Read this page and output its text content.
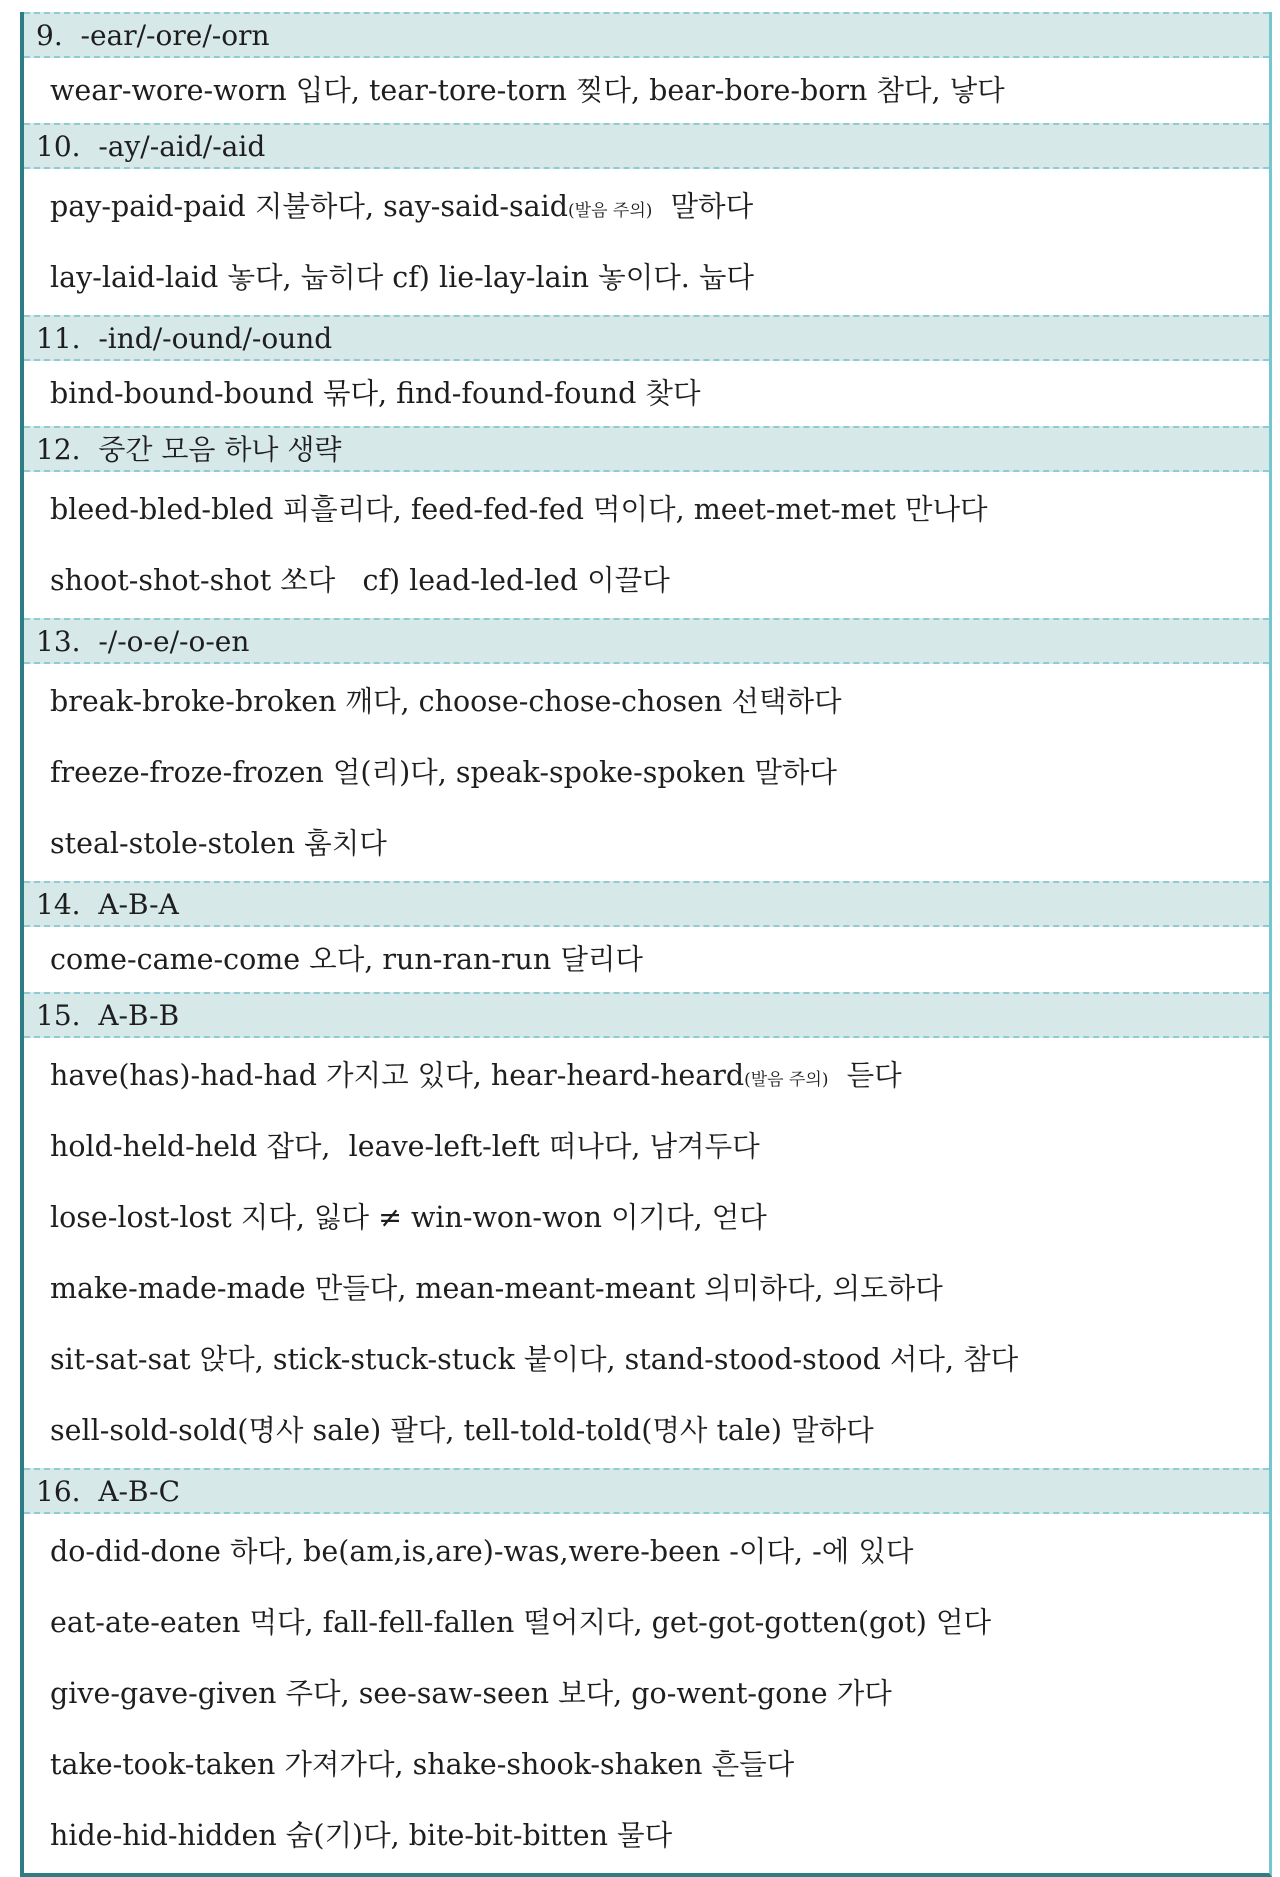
9.  -ear/-ore/-orn
wear-wore-worn 입다, tear-tore-torn 찢다, bear-bore-born 참다, 낳다
10.  -ay/-aid/-aid
pay-paid-paid 지불하다, say-said-said(발음 주의)  말하다
lay-laid-laid 놓다, 눕히다 cf) lie-lay-lain 놓이다. 눕다
11.  -ind/-ound/-ound
bind-bound-bound 묶다, find-found-found 찾다
12.  중간 모음 하나 생략
bleed-bled-bled 피흘리다, feed-fed-fed 먹이다, meet-met-met 만나다
shoot-shot-shot 쏘다   cf) lead-led-led 이끌다
13.  -/-o-e/-o-en
break-broke-broken 깨다, choose-chose-chosen 선택하다
freeze-froze-frozen 얼(리)다, speak-spoke-spoken 말하다
steal-stole-stolen 훔치다
14.  A-B-A
come-came-come 오다, run-ran-run 달리다
15.  A-B-B
have(has)-had-had 가지고 있다, hear-heard-heard(발음 주의)  듣다
hold-held-held 잡다,  leave-left-left 떠나다, 남겨두다
lose-lost-lost 지다, 잃다 ≠ win-won-won 이기다, 얻다
make-made-made 만들다, mean-meant-meant 의미하다, 의도하다
sit-sat-sat 앉다, stick-stuck-stuck 붙이다, stand-stood-stood 서다, 참다
sell-sold-sold(명사 sale) 팔다, tell-told-told(명사 tale) 말하다
16.  A-B-C
do-did-done 하다, be(am,is,are)-was,were-been -이다, -에 있다
eat-ate-eaten 먹다, fall-fell-fallen 떨어지다, get-got-gotten(got) 얻다
give-gave-given 주다, see-saw-seen 보다, go-went-gone 가다
take-took-taken 가져가다, shake-shook-shaken 흔들다
hide-hid-hidden 숨(기)다, bite-bit-bitten 물다
